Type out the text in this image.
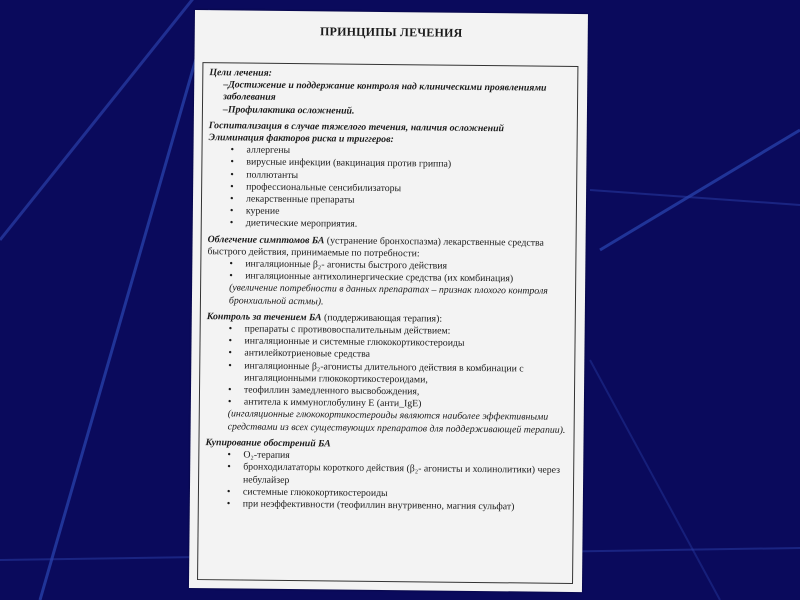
ПРИНЦИПЫ ЛЕЧЕНИЯ
Цели лечения:
–Достижение и поддержание контроля над клиническими проявлениями заболевания
–Профилактика осложнений.
Госпитализация в случае тяжелого течения, наличия осложнений
Элиминация факторов риска и триггеров:
• аллергены
• вирусные инфекции (вакцинация против гриппа)
• поллютанты
• профессиональные сенсибилизаторы
• лекарственные препараты
• курение
• диетические мероприятия.
Облегчение симптомов БА (устранение бронхоспазма) лекарственные средства быстрого действия, принимаемые по потребности:
• ингаляционные β₂- агонисты быстрого действия
• ингаляционные антихолинергические средства (их комбинация)
(увеличение потребности в данных препаратах – признак плохого контроля бронхиальной астмы).
Контроль за течением БА (поддерживающая терапия):
• препараты с противовоспалительным действием:
• ингаляционные и системные глюкокортикостероиды
• антилейкотриеновые средства
• ингаляционные β₂-агонисты длительного действия в комбинации с ингаляционными глюкокортикостероидами,
• теофиллин замедленного высвобождения,
• антитела к иммуноглобулину E (анти_IgE)
(ингаляционные глюкокортикостероиды являются наиболее эффективными средствами из всех существующих препаратов для поддерживающей терапии).
Купирование обострений БА
• O₂-терапия
• бронходилататоры короткого действия (β₂- агонисты и холинолитики) через небулайзер
• системные глюкокортикостероиды
• при неэффективности (теофиллин внутривенно, магния сульфат)
